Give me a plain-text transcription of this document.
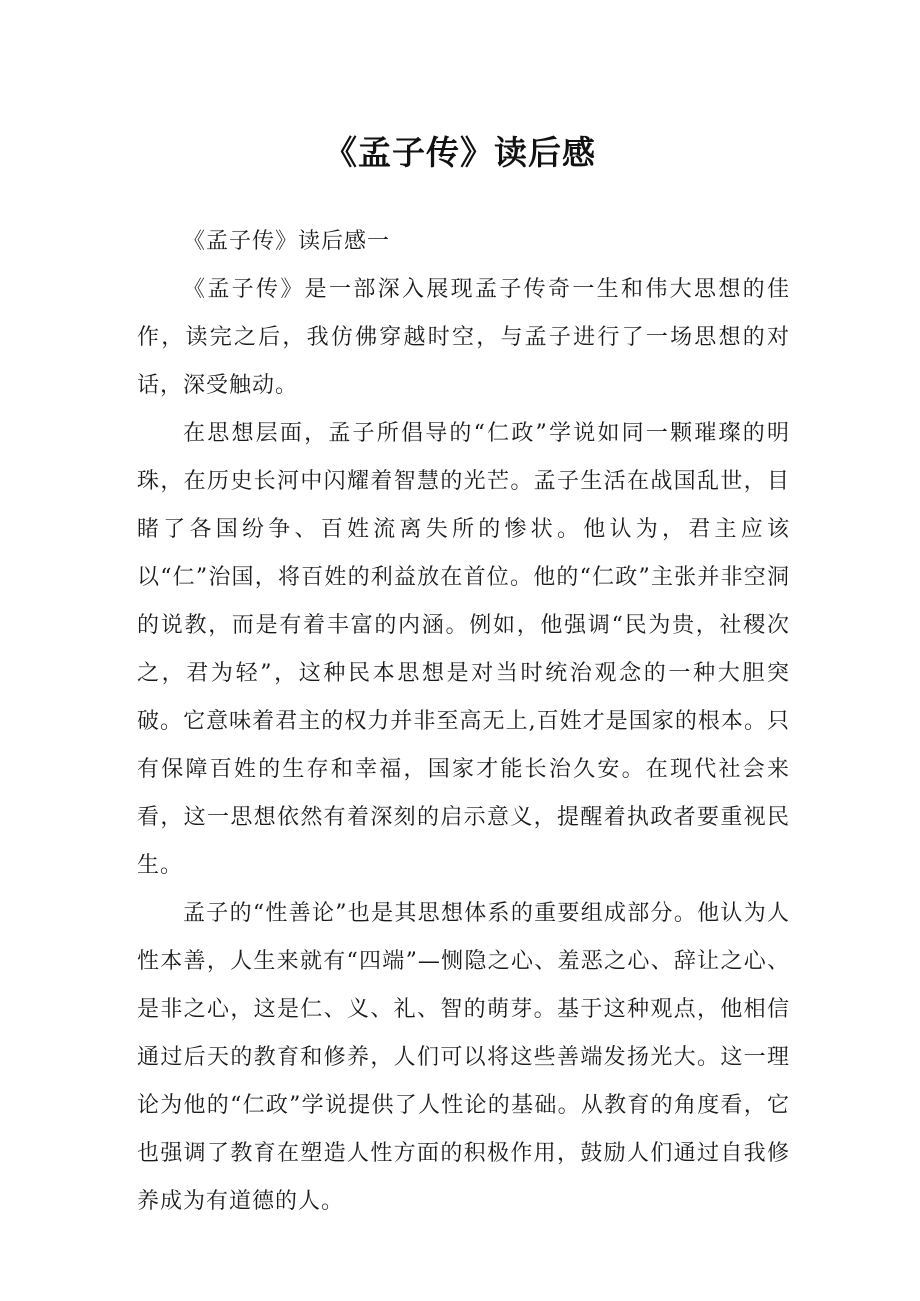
《孟子传》读后感
《孟子传》读后感一

《孟子传》是一部深入展现孟子传奇一生和伟大思想的佳作，读完之后，我仿佛穿越时空，与孟子进行了一场思想的对话，深受触动。

在思想层面，孟子所倡导的“仁政”学说如同一颗璀璨的明珠，在历史长河中闪耀着智慧的光芒。孟子生活在战国乱世，目睹了各国纷争、百姓流离失所的惨状。他认为，君主应该以“仁”治国，将百姓的利益放在首位。他的“仁政”主张并非空洞的说教，而是有着丰富的内涵。例如，他强调“民为贵，社稷次之，君为轻”，这种民本思想是对当时统治观念的一种大胆突破。它意味着君主的权力并非至高无上,百姓才是国家的根本。只有保障百姓的生存和幸福，国家才能长治久安。在现代社会来看，这一思想依然有着深刻的启示意义，提醒着执政者要重视民生。

孟子的“性善论”也是其思想体系的重要组成部分。他认为人性本善，人生来就有“四端”—恻隐之心、羞恶之心、辞让之心、是非之心，这是仁、义、礼、智的萌芽。基于这种观点，他相信通过后天的教育和修养，人们可以将这些善端发扬光大。这一理论为他的“仁政”学说提供了人性论的基础。从教育的角度看，它也强调了教育在塑造人性方面的积极作用，鼓励人们通过自我修养成为有道德的人。
